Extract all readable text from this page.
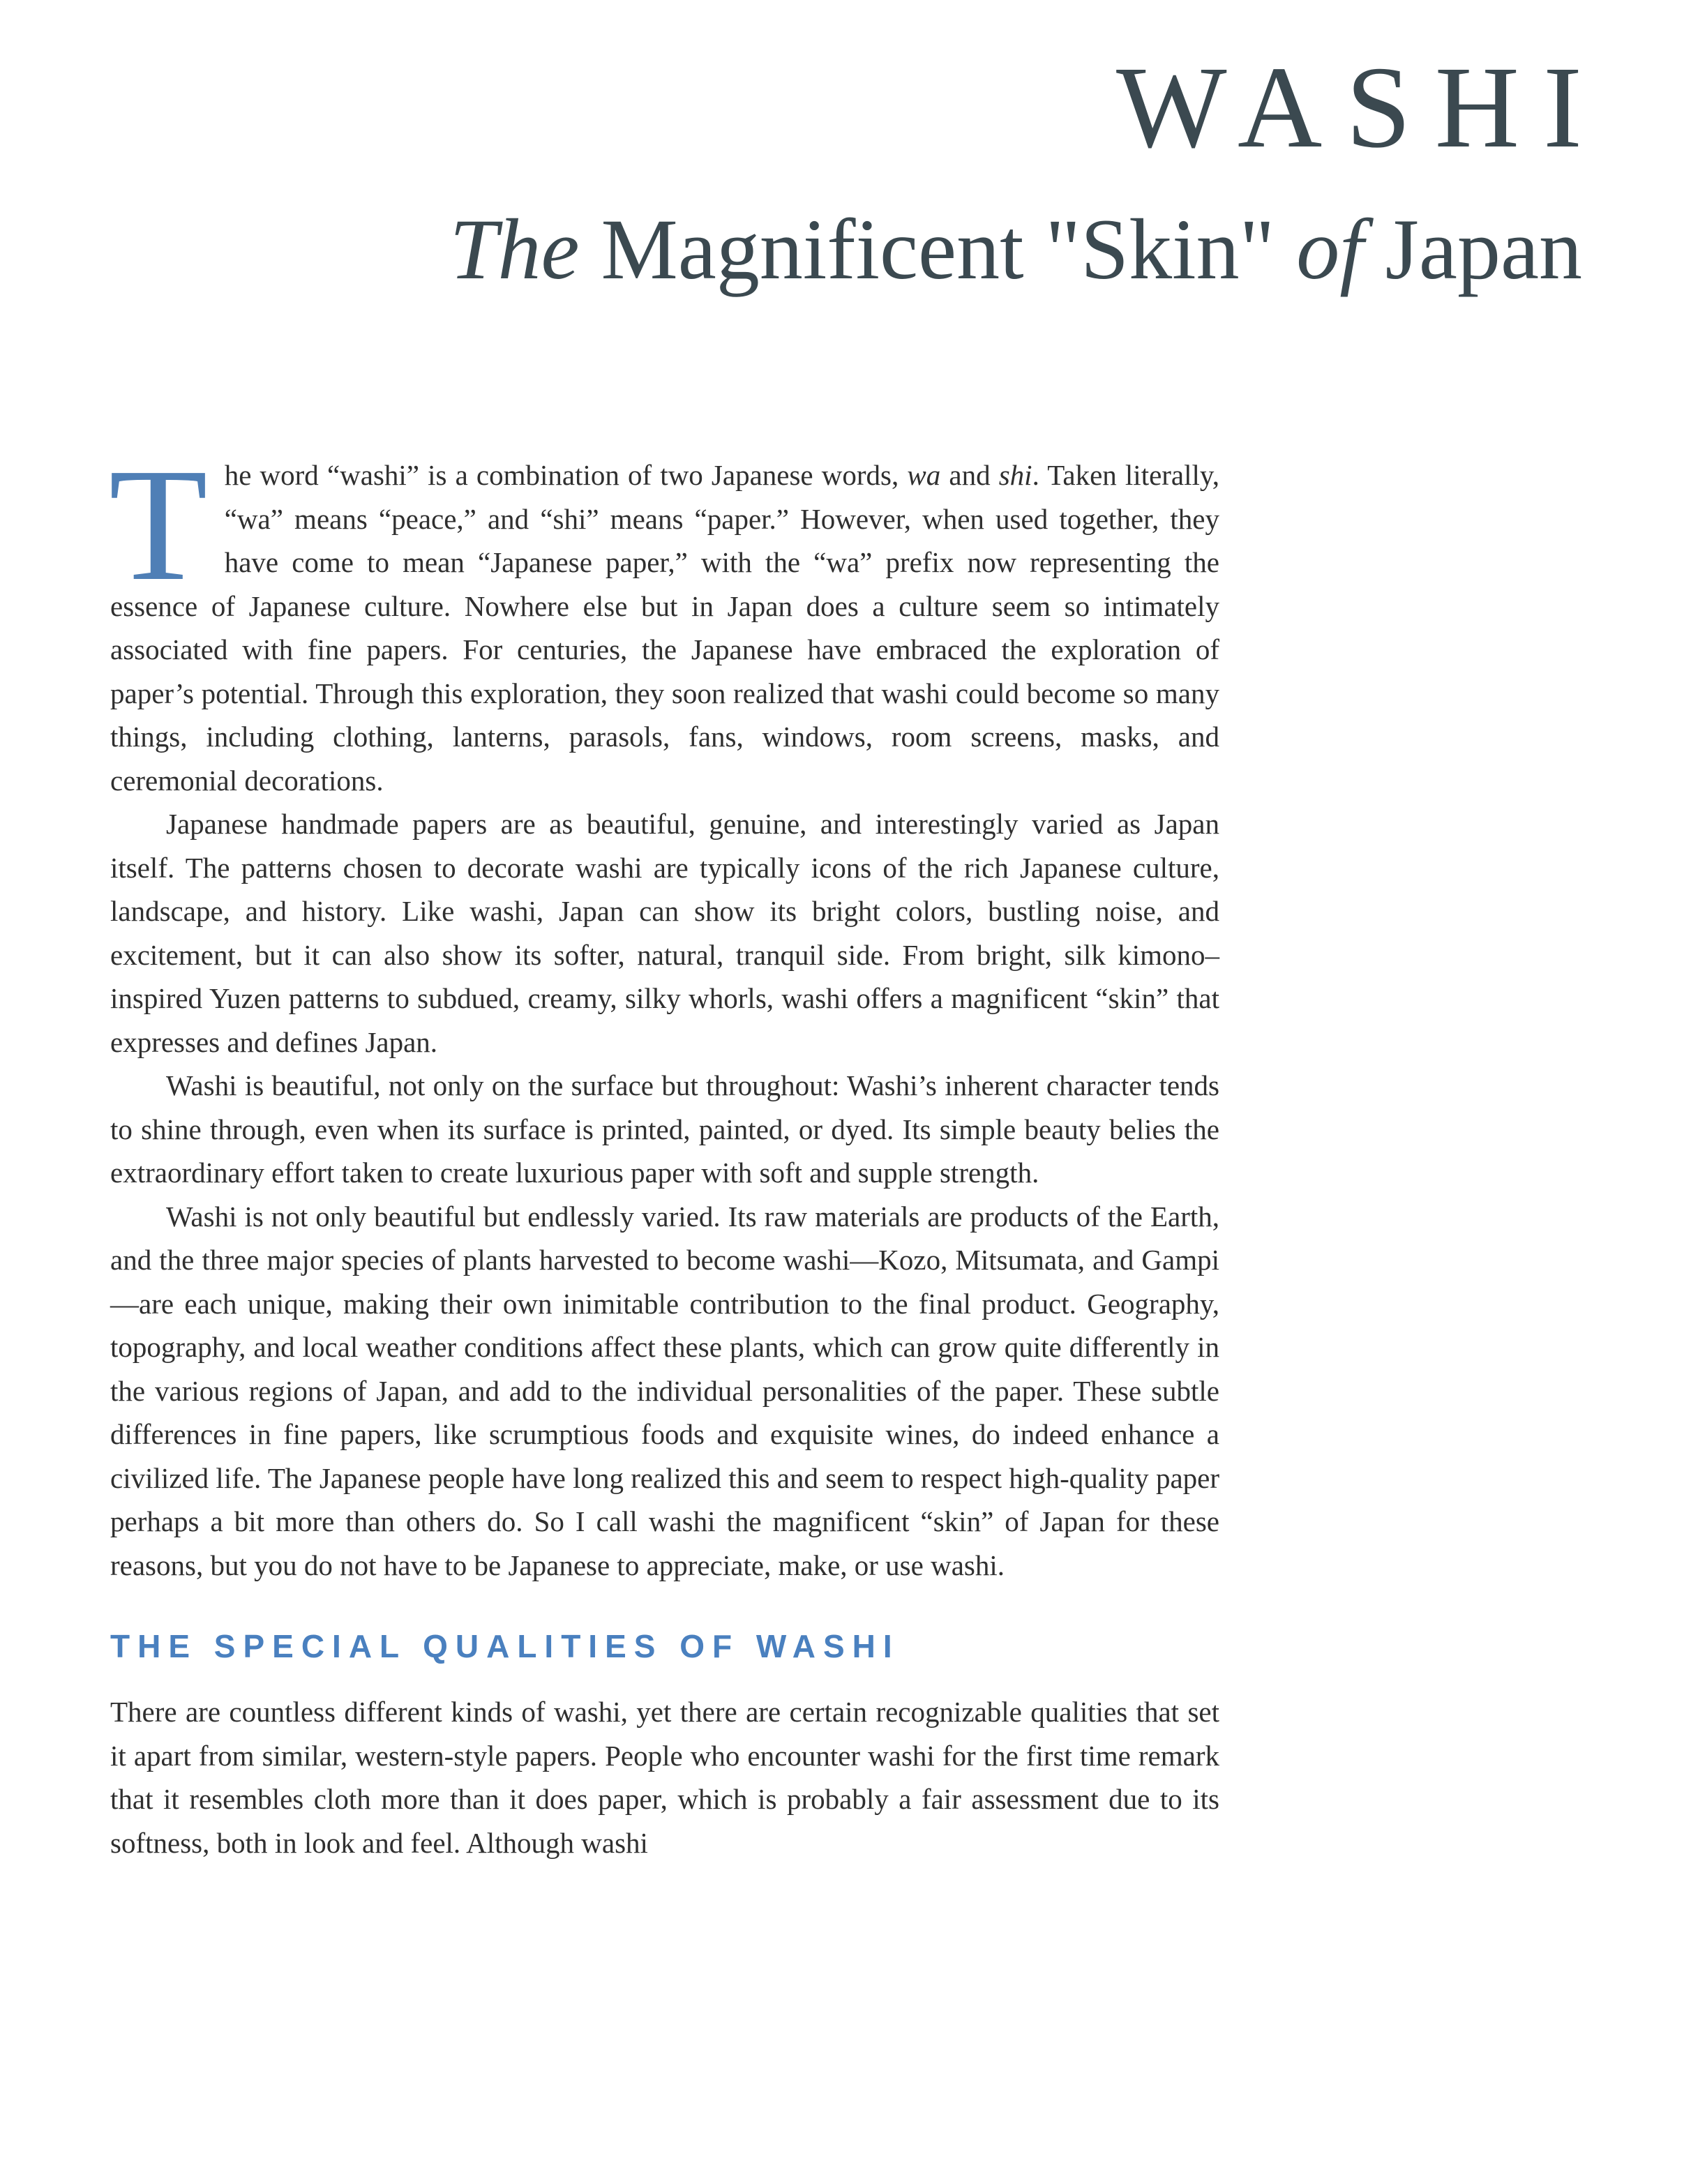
WASHI
The Magnificent "Skin" of Japan

The word “washi” is a combination of two Japanese words, wa and shi. Taken literally, “wa” means “peace,” and “shi” means “paper.” However, when used together, they have come to mean “Japanese paper,” with the “wa” prefix now representing the essence of Japanese culture. Nowhere else but in Japan does a culture seem so intimately associated with fine papers. For centuries, the Japanese have embraced the exploration of paper’s potential. Through this exploration, they soon realized that washi could become so many things, including clothing, lanterns, parasols, fans, windows, room screens, masks, and ceremonial decorations.

Japanese handmade papers are as beautiful, genuine, and interestingly varied as Japan itself. The patterns chosen to decorate washi are typically icons of the rich Japanese culture, landscape, and history. Like washi, Japan can show its bright colors, bustling noise, and excitement, but it can also show its softer, natural, tranquil side. From bright, silk kimono–inspired Yuzen patterns to subdued, creamy, silky whorls, washi offers a magnificent “skin” that expresses and defines Japan.

Washi is beautiful, not only on the surface but throughout: Washi’s inherent character tends to shine through, even when its surface is printed, painted, or dyed. Its simple beauty belies the extraordinary effort taken to create luxurious paper with soft and supple strength.

Washi is not only beautiful but endlessly varied. Its raw materials are products of the Earth, and the three major species of plants harvested to become washi—Kozo, Mitsumata, and Gampi—are each unique, making their own inimitable contribution to the final product. Geography, topography, and local weather conditions affect these plants, which can grow quite differently in the various regions of Japan, and add to the individual personalities of the paper. These subtle differences in fine papers, like scrumptious foods and exquisite wines, do indeed enhance a civilized life. The Japanese people have long realized this and seem to respect high-quality paper perhaps a bit more than others do. So I call washi the magnificent “skin” of Japan for these reasons, but you do not have to be Japanese to appreciate, make, or use washi.

THE SPECIAL QUALITIES OF WASHI

There are countless different kinds of washi, yet there are certain recognizable qualities that set it apart from similar, western-style papers. People who encounter washi for the first time remark that it resembles cloth more than it does paper, which is probably a fair assessment due to its softness, both in look and feel. Although washi
